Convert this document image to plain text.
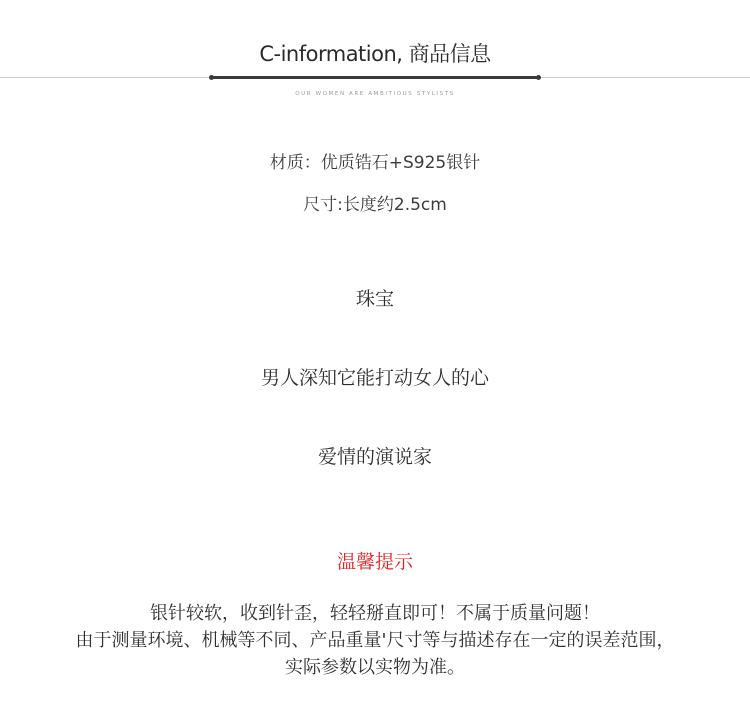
C-information, 商品信息
OUR WOMEN ARE AMBITIOUS STYLISTS
材质：优质锆石+S925银针
尺寸:长度约2.5cm
珠宝
男人深知它能打动女人的心
爱情的演说家
温馨提示
银针较软，收到针歪，轻轻掰直即可！不属于质量问题！
由于测量环境、机械等不同、产品重量'尺寸等与描述存在一定的误差范围，
实际参数以实物为准。
